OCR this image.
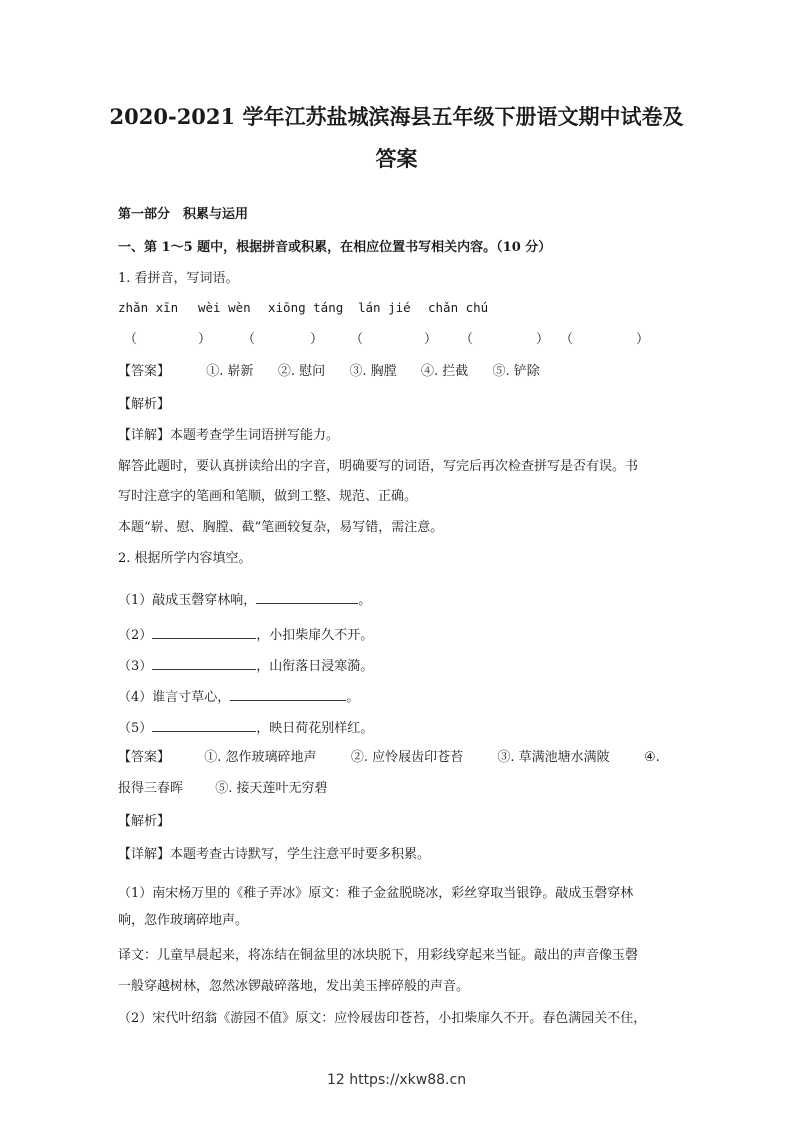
2020-2021 学年江苏盐城滨海县五年级下册语文期中试卷及
答案
第一部分　积累与运用
一、第 1～5 题中，根据拼音或积累，在相应位置书写相关内容。（10 分）
1. 看拼音，写词语。
zhǎn xīn wèi wèn xiōng táng lán jié chǎn chú
（	） （	） （	） （	） （	）
【答案】	①. 崭新 ②. 慰问 ③. 胸膛 ④. 拦截 ⑤. 铲除
【解析】
【详解】本题考查学生词语拼写能力。
解答此题时，要认真拼读给出的字音，明确要写的词语，写完后再次检查拼写是否有误。书
写时注意字的笔画和笔顺，做到工整、规范、正确。
本题“崭、慰、胸膛、截”笔画较复杂，易写错，需注意。
2. 根据所学内容填空。
（1）敲成玉磬穿林响，	。
（2）	，小扣柴扉久不开。
（3）	，山衔落日浸寒漪。
（4）谁言寸草心，	。
（5）	，映日荷花别样红。
【答案】	①. 忽作玻璃碎地声	②. 应怜屐齿印苍苔	③. 草满池塘水满陂	④.
报得三春晖 ⑤. 接天莲叶无穷碧
【解析】
【详解】本题考查古诗默写，学生注意平时要多积累。
（1）南宋杨万里的《稚子弄冰》原文：稚子金盆脱晓冰，彩丝穿取当银铮。敲成玉磬穿林
响，忽作玻璃碎地声。
译文：儿童早晨起来，将冻结在铜盆里的冰块脱下，用彩线穿起来当钲。敲出的声音像玉磬
一般穿越树林，忽然冰锣敲碎落地，发出美玉摔碎般的声音。
（2）宋代叶绍翁《游园不值》原文：应怜屐齿印苍苔，小扣柴扉久不开。春色满园关不住，
12 https://xkw88.cn
